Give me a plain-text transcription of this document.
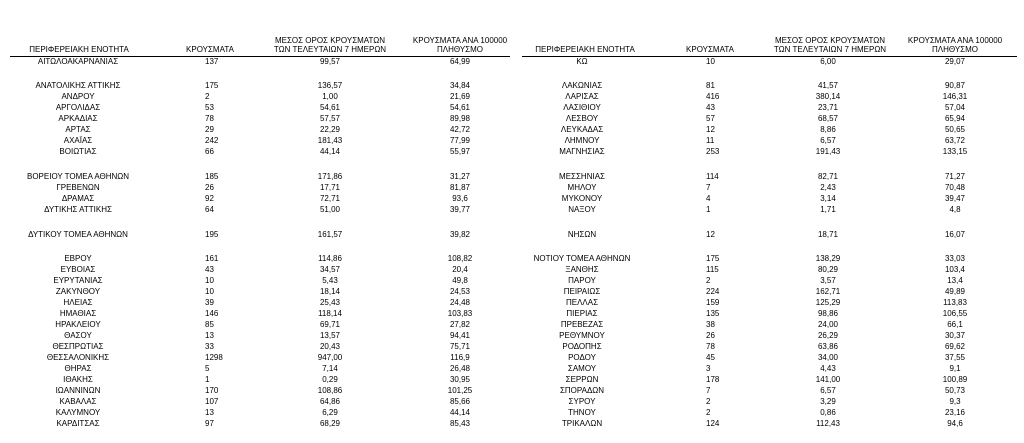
ΠΕΡΙΦΕΡΕΙΑΚΗ ΕΝΟΤΗΤΑ	ΚΡΟΥΣΜΑΤΑ
ΜΕΣΟΣ ΟΡΟΣ ΚΡΟΥΣΜΑΤΩΝ
ΤΩΝ ΤΕΛΕΥΤΑΙΩΝ 7 ΗΜΕΡΩΝ
ΚΡΟΥΣΜΑΤΑ ΑΝΑ 100000
ΠΛΗΘΥΣΜΟ	ΠΕΡΙΦΕΡΕΙΑΚΗ ΕΝΟΤΗΤΑ	ΚΡΟΥΣΜΑΤΑ
ΜΕΣΟΣ ΟΡΟΣ ΚΡΟΥΣΜΑΤΩΝ
ΤΩΝ ΤΕΛΕΥΤΑΙΩΝ 7 ΗΜΕΡΩΝ
ΚΡΟΥΣΜΑΤΑ ΑΝΑ 100000
ΠΛΗΘΥΣΜΟ
ΑΙΤΩΛΟΑΚΑΡΝΑΝΙΑΣ	137	99,57	64,99
ΑΝΑΤΟΛΙΚΗΣ ΑΤΤΙΚΗΣ	175	136,57	34,84
ΑΝΔΡΟΥ	2	1,00	21,69
ΑΡΓΟΛΙΔΑΣ	53	54,61	54,61
ΑΡΚΑΔΙΑΣ	78	57,57	89,98
ΑΡΤΑΣ	29	22,29	42,72
ΑΧΑΪΑΣ	242	181,43	77,99
ΒΟΙΩΤΙΑΣ	66	44,14	55,97
ΒΟΡΕΙΟΥ ΤΟΜΕΑ ΑΘΗΝΩΝ	185	171,86	31,27
ΓΡΕΒΕΝΩΝ	26	17,71	81,87
ΔΡΑΜΑΣ	92	72,71	93,6
ΔΥΤΙΚΗΣ ΑΤΤΙΚΗΣ	64	51,00	39,77
ΔΥΤΙΚΟΥ ΤΟΜΕΑ ΑΘΗΝΩΝ	195	161,57	39,82
ΕΒΡΟΥ	161	114,86	108,82
ΕΥΒΟΙΑΣ	43	34,57	20,4
ΕΥΡΥΤΑΝΙΑΣ	10	5,43	49,8
ΖΑΚΥΝΘΟΥ	10	18,14	24,53
ΗΛΕΙΑΣ	39	25,43	24,48
ΗΜΑΘΙΑΣ	146	118,14	103,83
ΗΡΑΚΛΕΙΟΥ	85	69,71	27,82
ΘΑΣΟΥ	13	13,57	94,41
ΘΕΣΠΡΩΤΙΑΣ	33	20,43	75,71
ΘΕΣΣΑΛΟΝΙΚΗΣ	1298	947,00	116,9
ΘΗΡΑΣ	5	7,14	26,48
ΙΘΑΚΗΣ	1	0,29	30,95
ΙΩΑΝΝΙΝΩΝ	170	108,86	101,25
ΚΑΒΑΛΑΣ	107	64,86	85,66
ΚΑΛΥΜΝΟΥ	13	6,29	44,14
ΚΑΡΔΙΤΣΑΣ	97	68,29	85,43
ΚΩ	10	6,00	29,07
ΛΑΚΩΝΙΑΣ	81	41,57	90,87
ΛΑΡΙΣΑΣ	416	380,14	146,31
ΛΑΣΙΘΙΟΥ	43	23,71	57,04
ΛΕΣΒΟΥ	57	68,57	65,94
ΛΕΥΚΑΔΑΣ	12	8,86	50,65
ΛΗΜΝΟΥ	11	6,57	63,72
ΜΑΓΝΗΣΙΑΣ	253	191,43	133,15
ΜΕΣΣΗΝΙΑΣ	114	82,71	71,27
ΜΗΛΟΥ	7	2,43	70,48
ΜΥΚΟΝΟΥ	4	3,14	39,47
ΝΑΞΟΥ	1	1,71	4,8
ΝΗΣΩΝ	12	18,71	16,07
ΝΟΤΙΟΥ ΤΟΜΕΑ ΑΘΗΝΩΝ	175	138,29	33,03
ΞΑΝΘΗΣ	115	80,29	103,4
ΠΑΡΟΥ	2	3,57	13,4
ΠΕΙΡΑΙΩΣ	224	162,71	49,89
ΠΕΛΛΑΣ	159	125,29	113,83
ΠΙΕΡΙΑΣ	135	98,86	106,55
ΠΡΕΒΕΖΑΣ	38	24,00	66,1
ΡΕΘΥΜΝΟΥ	26	26,29	30,37
ΡΟΔΟΠΗΣ	78	63,86	69,62
ΡΟΔΟΥ	45	34,00	37,55
ΣΑΜΟΥ	3	4,43	9,1
ΣΕΡΡΩΝ	178	141,00	100,89
ΣΠΟΡΑΔΩΝ	7	6,57	50,73
ΣΥΡΟΥ	2	3,29	9,3
ΤΗΝΟΥ	2	0,86	23,16
ΤΡΙΚΑΛΩΝ	124	112,43	94,6
